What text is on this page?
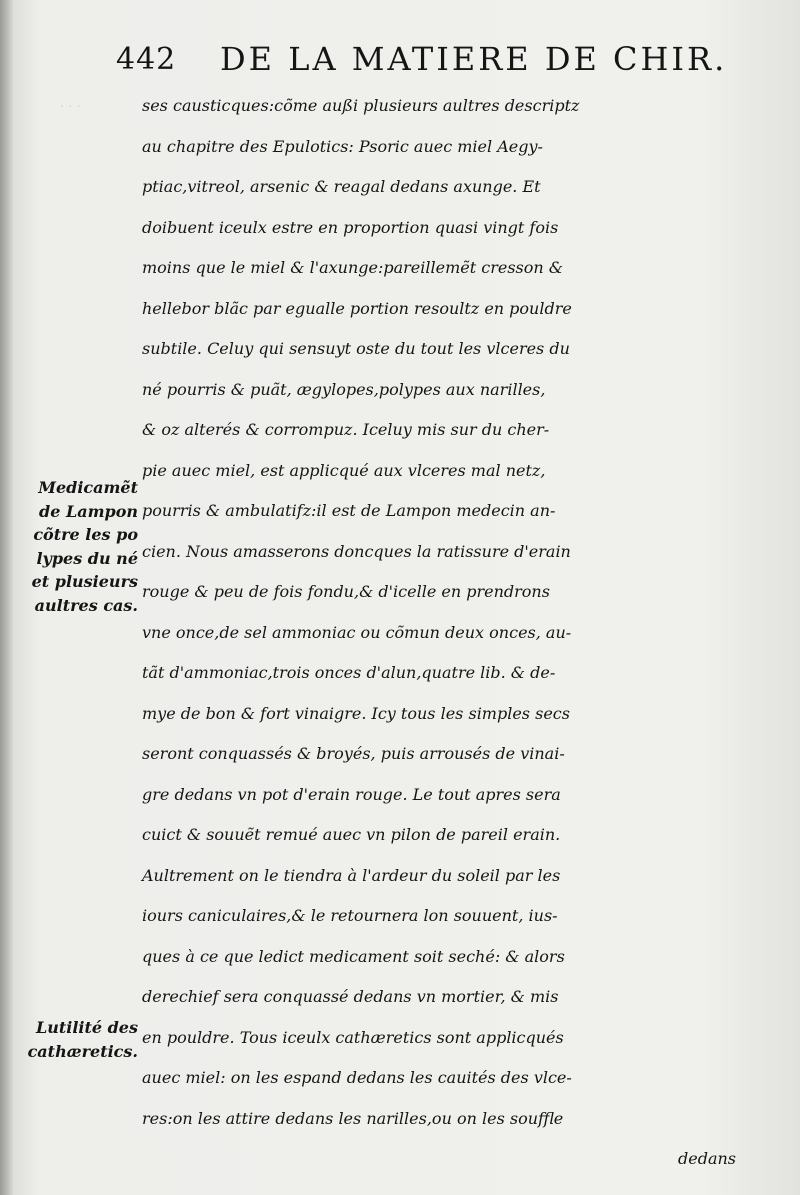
. . .
442 DE LA MATIERE DE CHIR.
ses causticques:cõme außi plusieurs aultres descriptz
au chapitre des Epulotics: Psoric auec miel Aegy-
ptiac,vitreol, arsenic & reagal dedans axunge. Et
doibuent iceulx estre en proportion quasi vingt fois
moins que le miel & l'axunge:pareillemẽt cresson &
hellebor blãc par egualle portion resoultz en pouldre
subtile. Celuy qui sensuyt oste du tout les vlceres du
né pourris & puãt, ægylopes,polypes aux narilles,
& oz alterés & corrompuz. Iceluy mis sur du cher-
pie auec miel, est applicqué aux vlceres mal netz,
pourris & ambulatifz:il est de Lampon medecin an-
cien. Nous amasserons doncques la ratissure d'erain
rouge & peu de fois fondu,& d'icelle en prendrons
vne once,de sel ammoniac ou cõmun deux onces, au-
tãt d'ammoniac,trois onces d'alun,quatre lib. & de-
mye de bon & fort vinaigre. Icy tous les simples secs
seront conquassés & broyés, puis arrousés de vinai-
gre dedans vn pot d'erain rouge. Le tout apres sera
cuict & souuẽt remué auec vn pilon de pareil erain.
Aultrement on le tiendra à l'ardeur du soleil par les
iours caniculaires,& le retournera lon souuent, ius-
ques à ce que ledict medicament soit seché: & alors
derechief sera conquassé dedans vn mortier, & mis
en pouldre. Tous iceulx cathæretics sont applicqués
auec miel: on les espand dedans les cauités des vlce-
res:on les attire dedans les narilles,ou on les souffle
dedans
Medicamẽt
de Lampon
cõtre les po
lypes du né
et plusieurs
aultres cas.
Lutilité des
cathæretics.
